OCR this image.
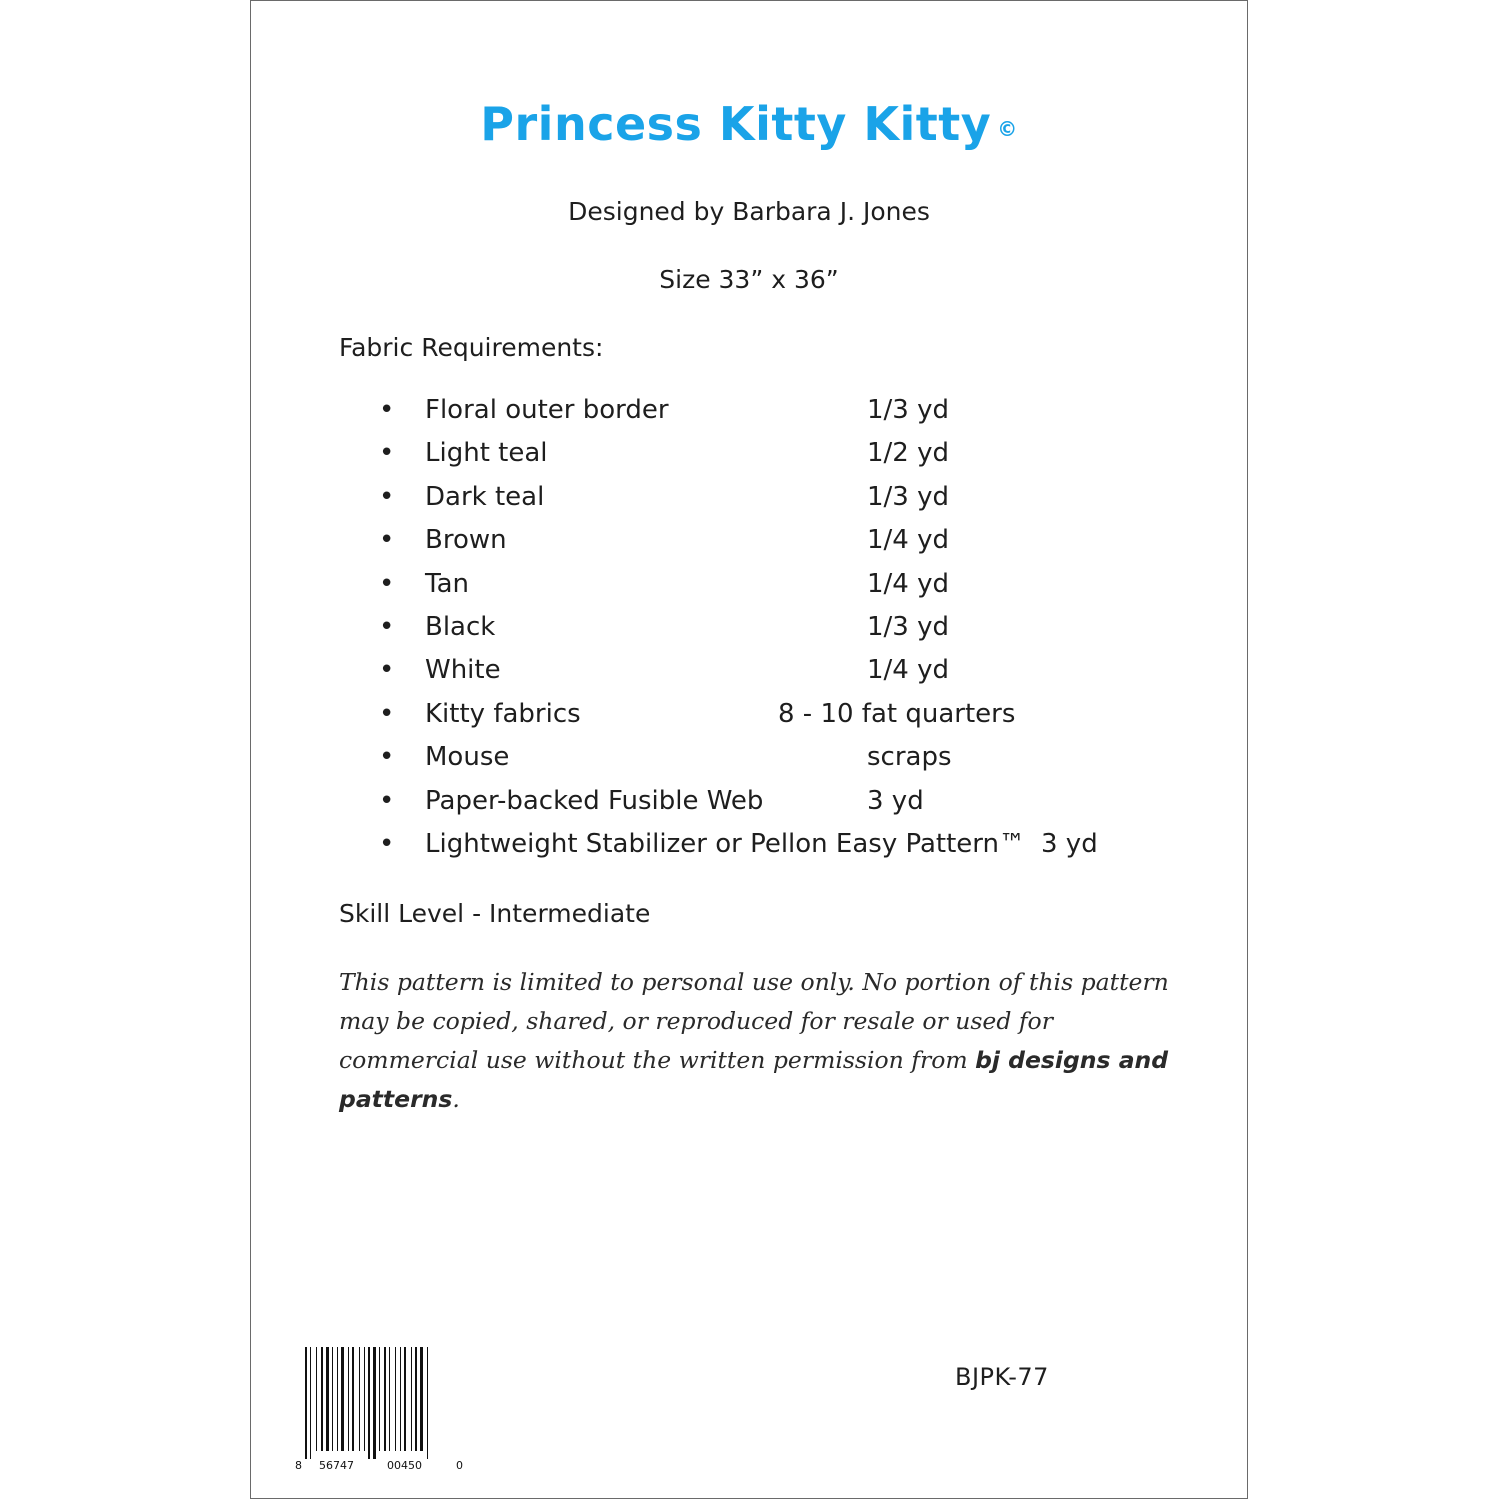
Princess Kitty Kitty ©
Designed by Barbara J. Jones
Size 33” x 36”
Fabric Requirements:
• Floral outer border	1/3 yd
• Light teal	1/2 yd
• Dark teal	1/3 yd
• Brown	1/4 yd
• Tan	1/4 yd
• Black	1/3 yd
• White	1/4 yd
• Kitty fabrics	8 - 10 fat quarters
• Mouse	scraps
• Paper-backed Fusible Web	3 yd
• Lightweight Stabilizer or Pellon Easy Pattern™ 3 yd
Skill Level - Intermediate
This pattern is limited to personal use only. No portion of this pattern may be copied, shared, or reproduced for resale or used for commercial use without the written permission from bj designs and patterns.
8 56747	00450	0
BJPK-77
